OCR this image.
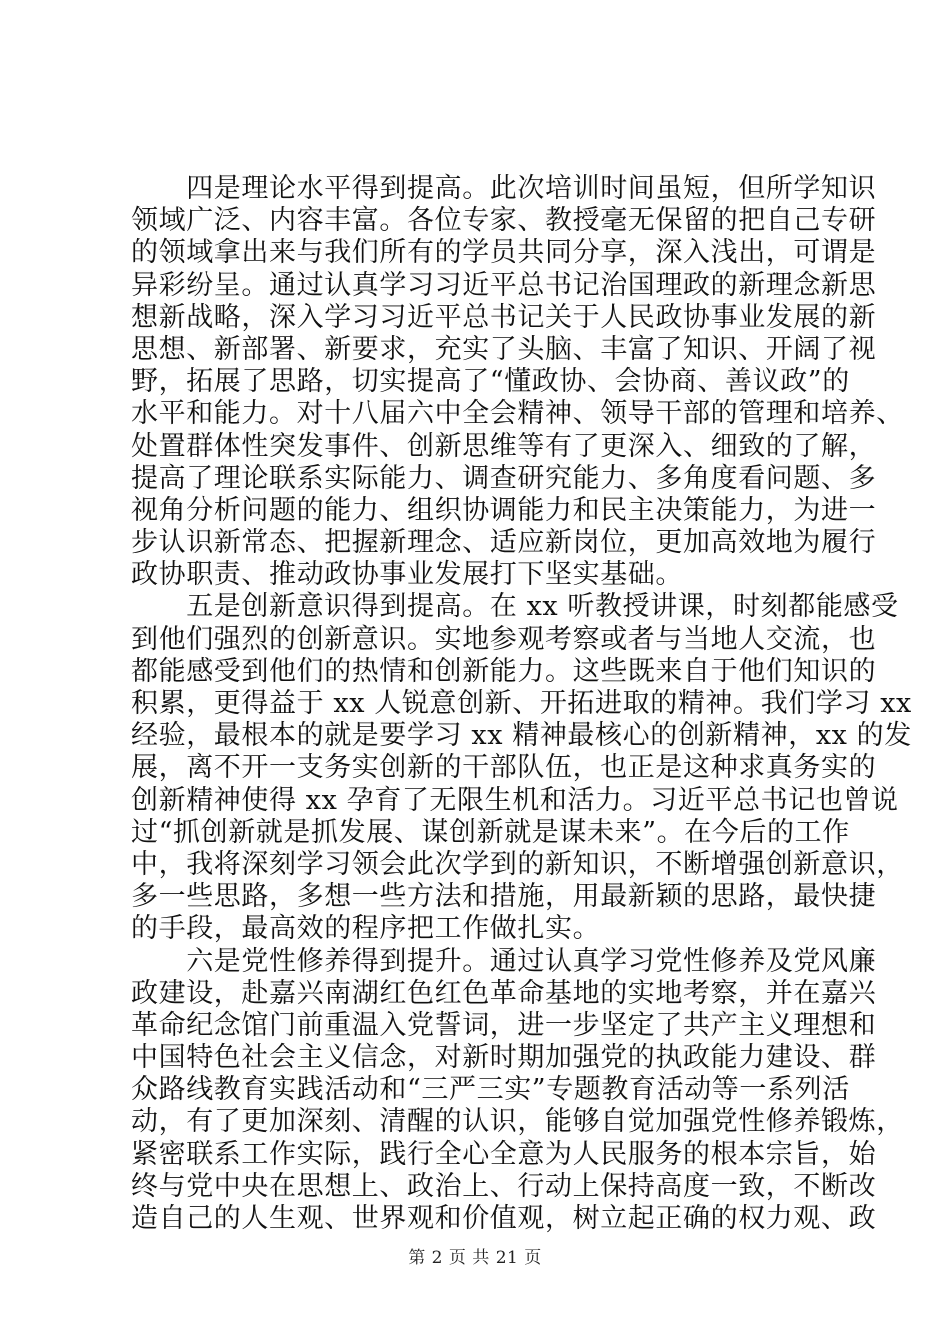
　　四是理论水平得到提高。此次培训时间虽短，但所学知识
领域广泛、内容丰富。各位专家、教授毫无保留的把自己专研
的领域拿出来与我们所有的学员共同分享，深入浅出，可谓是
异彩纷呈。通过认真学习习近平总书记治国理政的新理念新思
想新战略，深入学习习近平总书记关于人民政协事业发展的新
思想、新部署、新要求，充实了头脑、丰富了知识、开阔了视
野，拓展了思路，切实提高了“懂政协、会协商、善议政”的
水平和能力。对十八届六中全会精神、领导干部的管理和培养、
处置群体性突发事件、创新思维等有了更深入、细致的了解，
提高了理论联系实际能力、调查研究能力、多角度看问题、多
视角分析问题的能力、组织协调能力和民主决策能力，为进一
步认识新常态、把握新理念、适应新岗位，更加高效地为履行
政协职责、推动政协事业发展打下坚实基础。
　　五是创新意识得到提高。在 xx 听教授讲课，时刻都能感受
到他们强烈的创新意识。实地参观考察或者与当地人交流，也
都能感受到他们的热情和创新能力。这些既来自于他们知识的
积累，更得益于 xx 人锐意创新、开拓进取的精神。我们学习 xx
经验，最根本的就是要学习 xx 精神最核心的创新精神，xx 的发
展，离不开一支务实创新的干部队伍，也正是这种求真务实的
创新精神使得 xx 孕育了无限生机和活力。习近平总书记也曾说
过“抓创新就是抓发展、谋创新就是谋未来”。在今后的工作
中，我将深刻学习领会此次学到的新知识，不断增强创新意识，
多一些思路，多想一些方法和措施，用最新颖的思路，最快捷
的手段，最高效的程序把工作做扎实。
　　六是党性修养得到提升。通过认真学习党性修养及党风廉
政建设，赴嘉兴南湖红色红色革命基地的实地考察，并在嘉兴
革命纪念馆门前重温入党誓词，进一步坚定了共产主义理想和
中国特色社会主义信念，对新时期加强党的执政能力建设、群
众路线教育实践活动和“三严三实”专题教育活动等一系列活
动，有了更加深刻、清醒的认识，能够自觉加强党性修养锻炼，
紧密联系工作实际，践行全心全意为人民服务的根本宗旨，始
终与党中央在思想上、政治上、行动上保持高度一致，不断改
造自己的人生观、世界观和价值观，树立起正确的权力观、政
第 2 页 共 21 页
